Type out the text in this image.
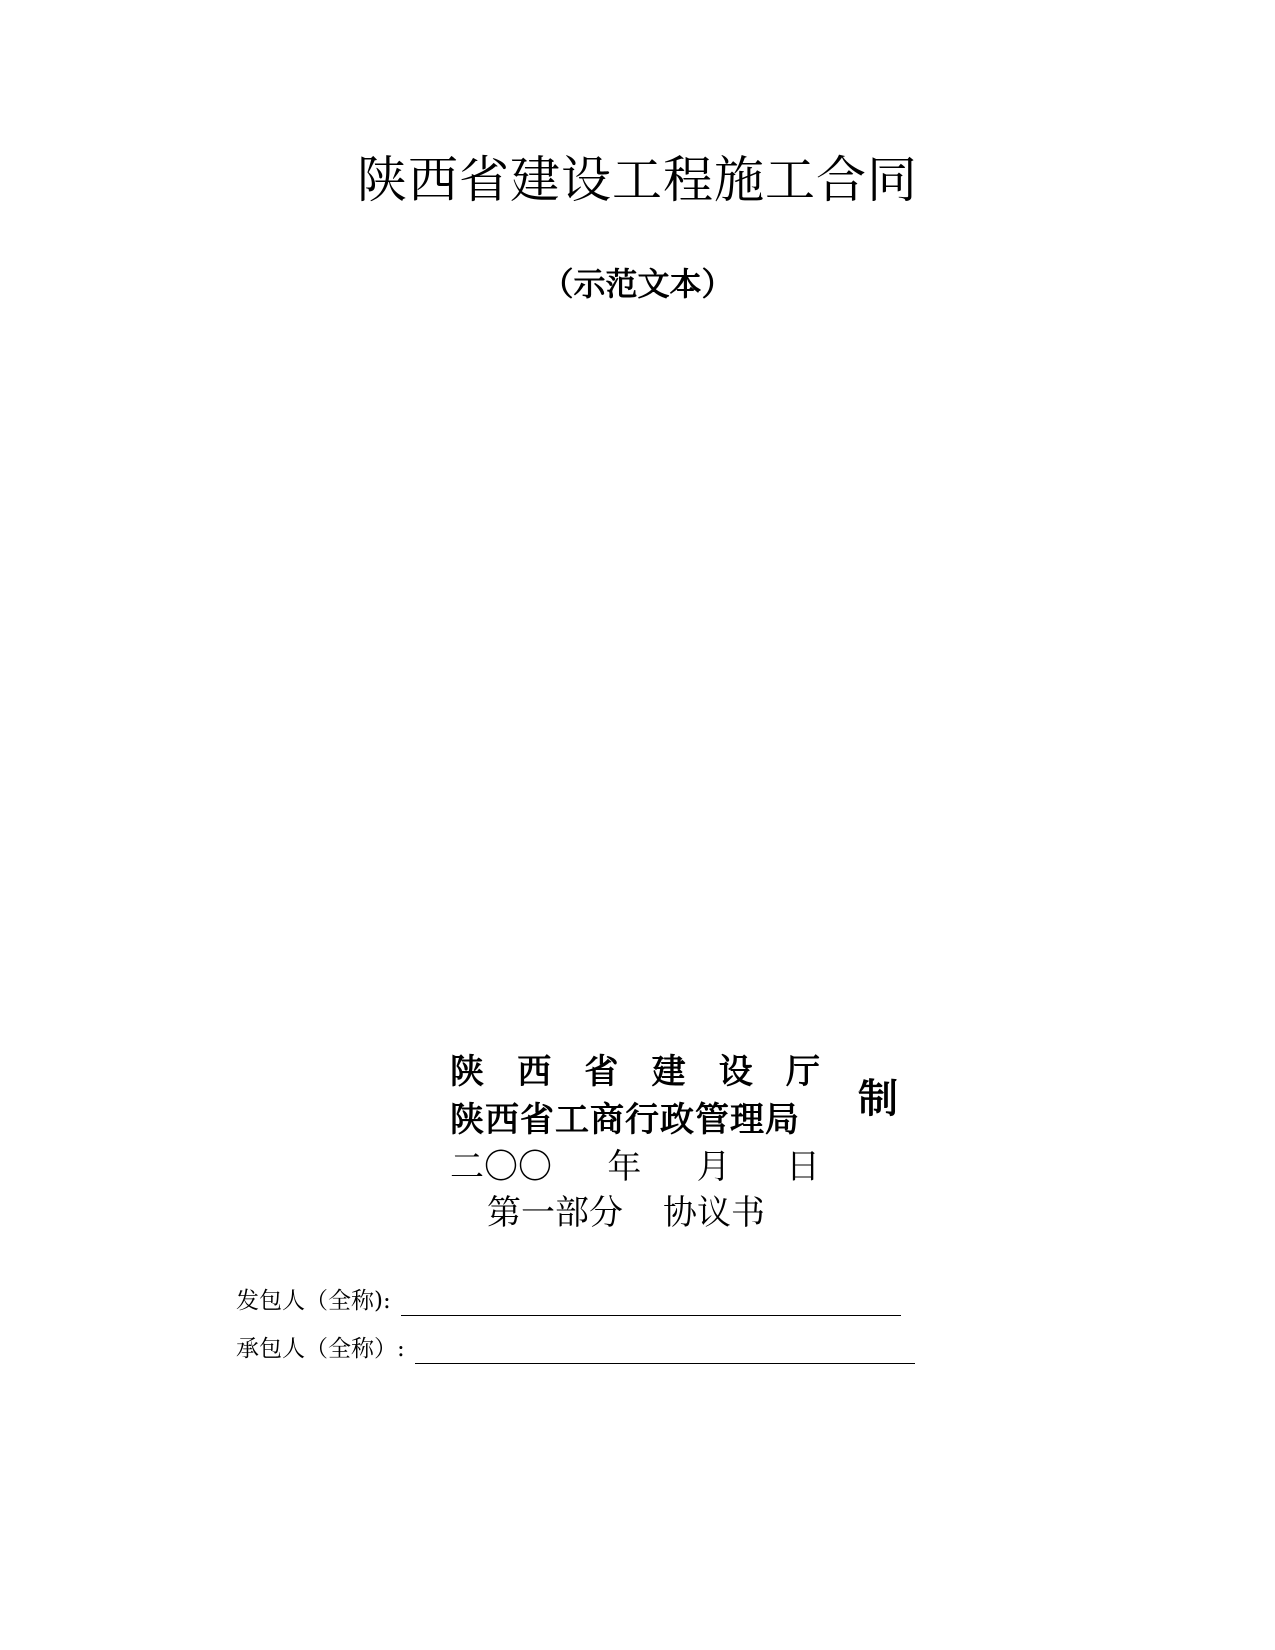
陕西省建设工程施工合同
（示范文本）
陕 西 省 建 设 厅
陕西省工商行政管理局	制
二〇〇 年 月 日
第一部分 协议书
发包人（全称):
承包人（全称）:
